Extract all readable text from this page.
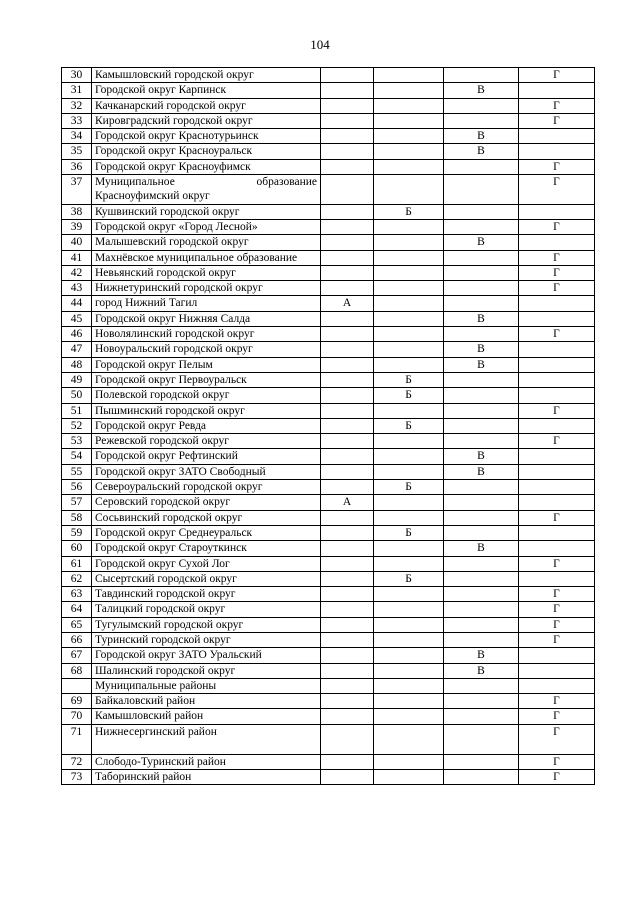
104
30	Камышловский городской округ				Г
31	Городской округ Карпинск			В	
32	Качканарский городской округ				Г
33	Кировградский городской округ				Г
34	Городской округ Краснотурьинск			В	
35	Городской округ Красноуральск			В	
36	Городской округ Красноуфимск				Г
37	Муниципальное образование Красноуфимский округ				Г
38	Кушвинский городской округ		Б		
39	Городской округ «Город Лесной»				Г
40	Малышевский городской округ			В	
41	Махнёвское муниципальное образование				Г
42	Невьянский городской округ				Г
43	Нижнетуринский городской округ				Г
44	город Нижний Тагил	А			
45	Городской округ Нижняя Салда			В	
46	Новолялинский городской округ				Г
47	Новоуральский городской округ			В	
48	Городской округ Пелым			В	
49	Городской округ Первоуральск		Б		
50	Полевской городской округ		Б		
51	Пышминский городской округ				Г
52	Городской округ Ревда		Б		
53	Режевской городской округ				Г
54	Городской округ Рефтинский			В	
55	Городской округ ЗАТО Свободный			В	
56	Североуральский городской округ		Б		
57	Серовский городской округ	А			
58	Сосьвинский городской округ				Г
59	Городской округ Среднеуральск		Б		
60	Городской округ Староуткинск			В	
61	Городской округ Сухой Лог				Г
62	Сысертский городской округ		Б		
63	Тавдинский городской округ				Г
64	Талицкий городской округ				Г
65	Тугулымский городской округ				Г
66	Туринский городской округ				Г
67	Городской округ ЗАТО Уральский			В	
68	Шалинский городской округ			В	
	Муниципальные районы				
69	Байкаловский район				Г
70	Камышловский район				Г
71	Нижнесергинский район				Г
72	Слободо-Туринский район				Г
73	Таборинский район				Г
